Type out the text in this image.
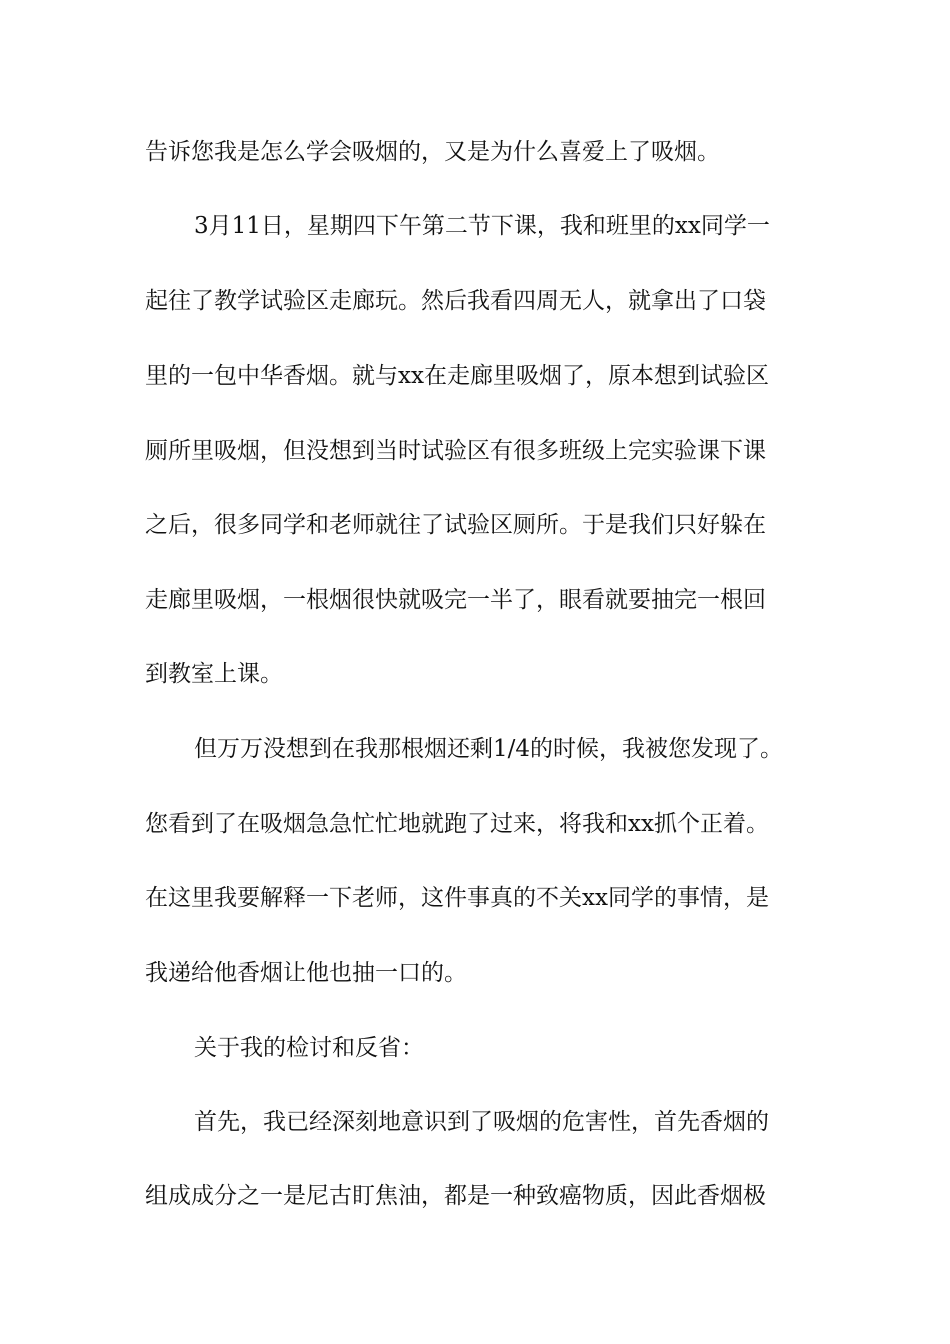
告诉您我是怎么学会吸烟的，又是为什么喜爱上了吸烟。
3月11日，星期四下午第二节下课，我和班里的xx同学一
起往了教学试验区走廊玩。然后我看四周无人，就拿出了口袋
里的一包中华香烟。就与xx在走廊里吸烟了，原本想到试验区
厕所里吸烟，但没想到当时试验区有很多班级上完实验课下课
之后，很多同学和老师就往了试验区厕所。于是我们只好躲在
走廊里吸烟，一根烟很快就吸完一半了，眼看就要抽完一根回
到教室上课。
但万万没想到在我那根烟还剩1/4的时候，我被您发现了。
您看到了在吸烟急急忙忙地就跑了过来，将我和xx抓个正着。
在这里我要解释一下老师，这件事真的不关xx同学的事情，是
我递给他香烟让他也抽一口的。
关于我的检讨和反省：
首先，我已经深刻地意识到了吸烟的危害性，首先香烟的
组成成分之一是尼古盯焦油，都是一种致癌物质，因此香烟极
